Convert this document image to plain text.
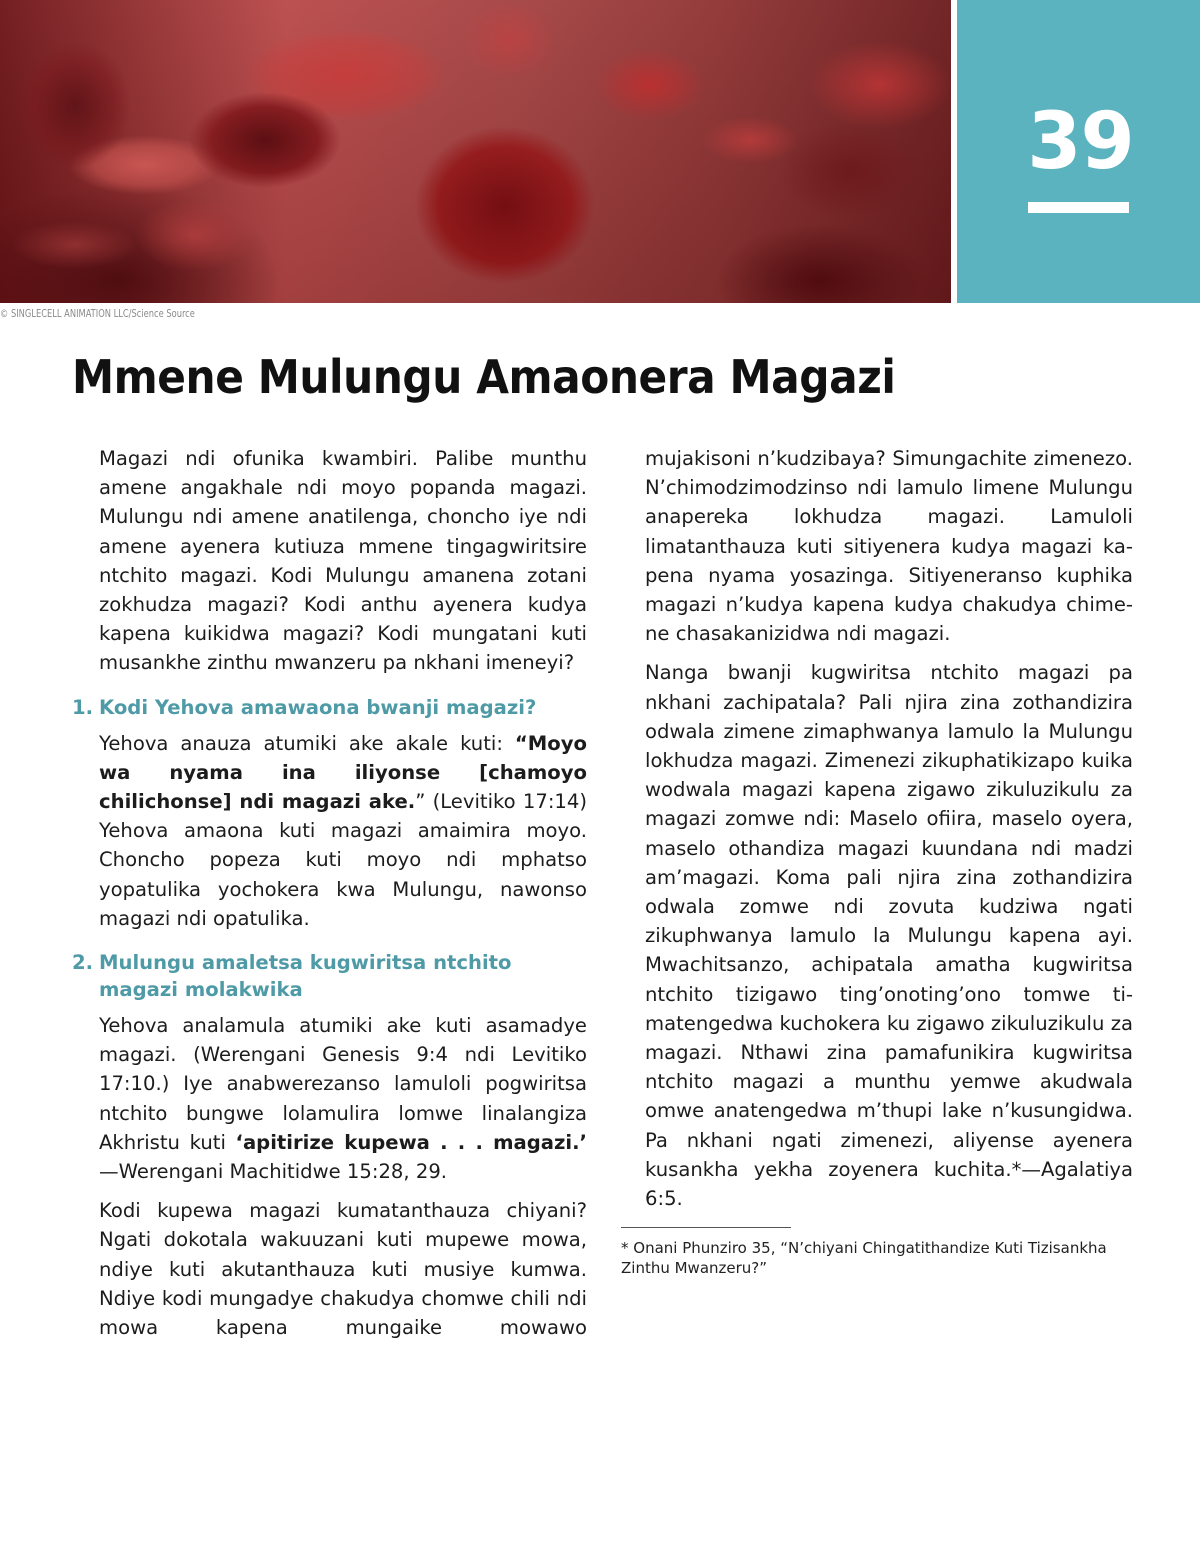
39
© SINGLECELL ANIMATION LLC/Science Source
Mmene Mulungu Amaonera Magazi

Magazi ndi ofunika kwambiri. Palibe munthu amene angakhale ndi moyo popanda magazi. Mulungu ndi amene anatilenga, choncho iye ndi amene ayenera kutiuza mmene tingagwiritsire ntchito magazi. Kodi Mulungu amanena zotani zokhudza magazi? Kodi anthu ayenera kudya kapena kuikidwa magazi? Kodi mungatani kuti musankhe zinthu mwanzeru pa nkhani imeneyi?

1. Kodi Yehova amawaona bwanji magazi?

Yehova anauza atumiki ake akale kuti: “Moyo wa nyama ina iliyonse [chamoyo chilichonse] ndi magazi ake.” (Levitiko 17:14) Yehova amaona kuti magazi amaimira moyo. Choncho popeza kuti moyo ndi mphatso yopatulika yochokera kwa Mulungu, nawonso magazi ndi opatulika.

2. Mulungu amaletsa kugwiritsa ntchito magazi molakwika

Yehova analamula atumiki ake kuti asamadye magazi. (Werengani Genesis 9:4 ndi Levitiko 17:10.) Iye anabwerezanso lamuloli pogwiritsa ntchito bungwe lolamulira lomwe linalangiza Akhristu kuti ‘apitirize kupewa . . . magazi.’ —Werengani Machitidwe 15:28, 29.

Kodi kupewa magazi kumatanthauza chiyani? Ngati dokotala wakuuzani kuti mupewe mowa, ndiye kuti akutanthauza kuti musiye kumwa. Ndiye kodi mungadye chakudya chomwe chili ndi mowa kapena mungaike mowawo

mujakisoni n’kudzibaya? Simungachite zimenezo. N’chimodzimodzinso ndi lamulo limene Mulungu anapereka lokhudza magazi. Lamuloli limatanthauza kuti sitiyenera kudya magazi kapena nyama yosazinga. Sitiyeneranso kuphika magazi n’kudya kapena kudya chakudya chimene chasakanizidwa ndi magazi.

Nanga bwanji kugwiritsa ntchito magazi pa nkhani zachipatala? Pali njira zina zothandizira odwala zimene zimaphwanya lamulo la Mulungu lokhudza magazi. Zimenezi zikuphatikizapo kuika wodwala magazi kapena zigawo zikuluzikulu za magazi zomwe ndi: Maselo ofiira, maselo oyera, maselo othandiza magazi kuundana ndi madzi am’magazi. Koma pali njira zina zothandizira odwala zomwe ndi zovuta kudziwa ngati zikuphwanya lamulo la Mulungu kapena ayi. Mwachitsanzo, achipatala amatha kugwiritsa ntchito tizigawo ting’onoting’ono tomwe timatengedwa kuchokera ku zigawo zikuluzikulu za magazi. Nthawi zina pamafunikira kugwiritsa ntchito magazi a munthu yemwe akudwala omwe anatengedwa m’thupi lake n’kusungidwa. Pa nkhani ngati zimenezi, aliyense ayenera kusankha yekha zoyenera kuchita.*—Agalatiya 6:5.

* Onani Phunziro 35, “N’chiyani Chingatithandize Kuti Tizisankha Zinthu Mwanzeru?”
